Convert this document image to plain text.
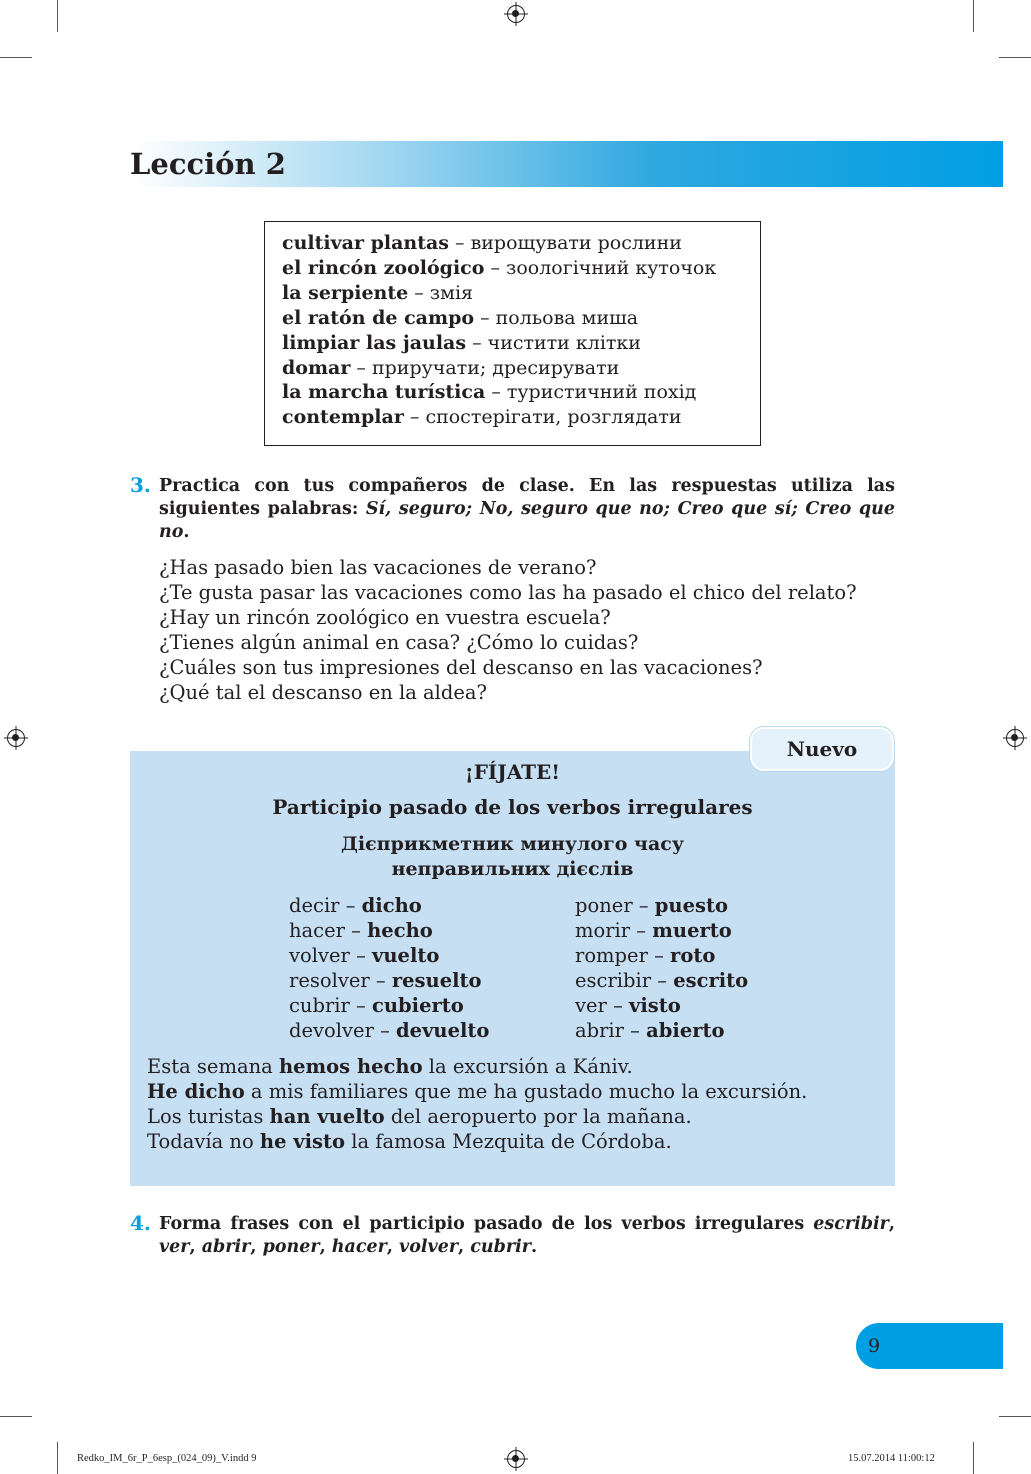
Lección 2
cultivar plantas – вирощувати рослини
el rincón zoológico – зоологічний куточок
la serpiente – змія
el ratón de campo – польова миша
limpiar las jaulas – чистити клітки
domar – приручати; дресирувати
la marcha turística – туристичний похід
contemplar – спостерігати, розглядати
3. Practica con tus compañeros de clase. En las respuestas utiliza las siguientes palabras: Sí, seguro; No, seguro que no; Creo que sí; Creo que no.
¿Has pasado bien las vacaciones de verano?
¿Te gusta pasar las vacaciones como las ha pasado el chico del relato?
¿Hay un rincón zoológico en vuestra escuela?
¿Tienes algún animal en casa? ¿Cómo lo cuidas?
¿Cuáles son tus impresiones del descanso en las vacaciones?
¿Qué tal el descanso en la aldea?
Nuevo
¡FÍJATE!
Participio pasado de los verbos irregulares
Дієприкметник минулого часу
неправильних дієслів
decir – dicho
hacer – hecho
volver – vuelto
resolver – resuelto
cubrir – cubierto
devolver – devuelto
poner – puesto
morir – muerto
romper – roto
escribir – escrito
ver – visto
abrir – abierto
Esta semana hemos hecho la excursión a Kániv.
He dicho a mis familiares que me ha gustado mucho la excursión.
Los turistas han vuelto del aeropuerto por la mañana.
Todavía no he visto la famosa Mezquita de Córdoba.
4. Forma frases con el participio pasado de los verbos irregulares escribir, ver, abrir, poner, hacer, volver, cubrir.
9
Redko_IM_6r_P_6esp_(024_09)_V.indd 9	15.07.2014 11:00:12
